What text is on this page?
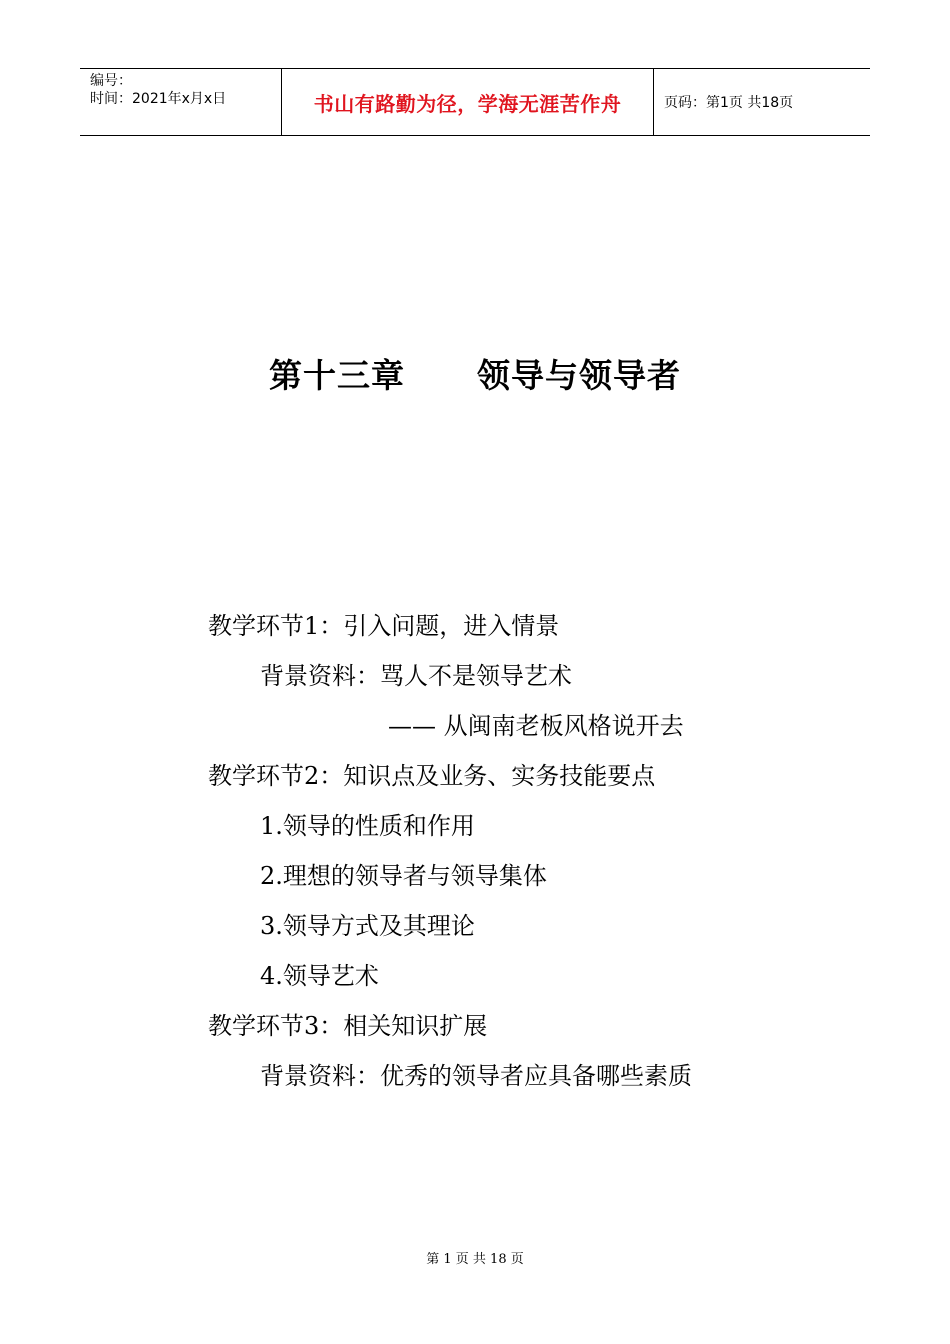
编号：
时间：2021年x月x日	书山有路勤为径，学海无涯苦作舟	页码：第1页 共18页
第十三章 领导与领导者
教学环节1：引入问题，进入情景
背景资料：骂人不是领导艺术
—— 从闽南老板风格说开去
教学环节2：知识点及业务、实务技能要点
1.领导的性质和作用
2.理想的领导者与领导集体
3.领导方式及其理论
4.领导艺术
教学环节3：相关知识扩展
背景资料：优秀的领导者应具备哪些素质
第 1 页 共 18 页
